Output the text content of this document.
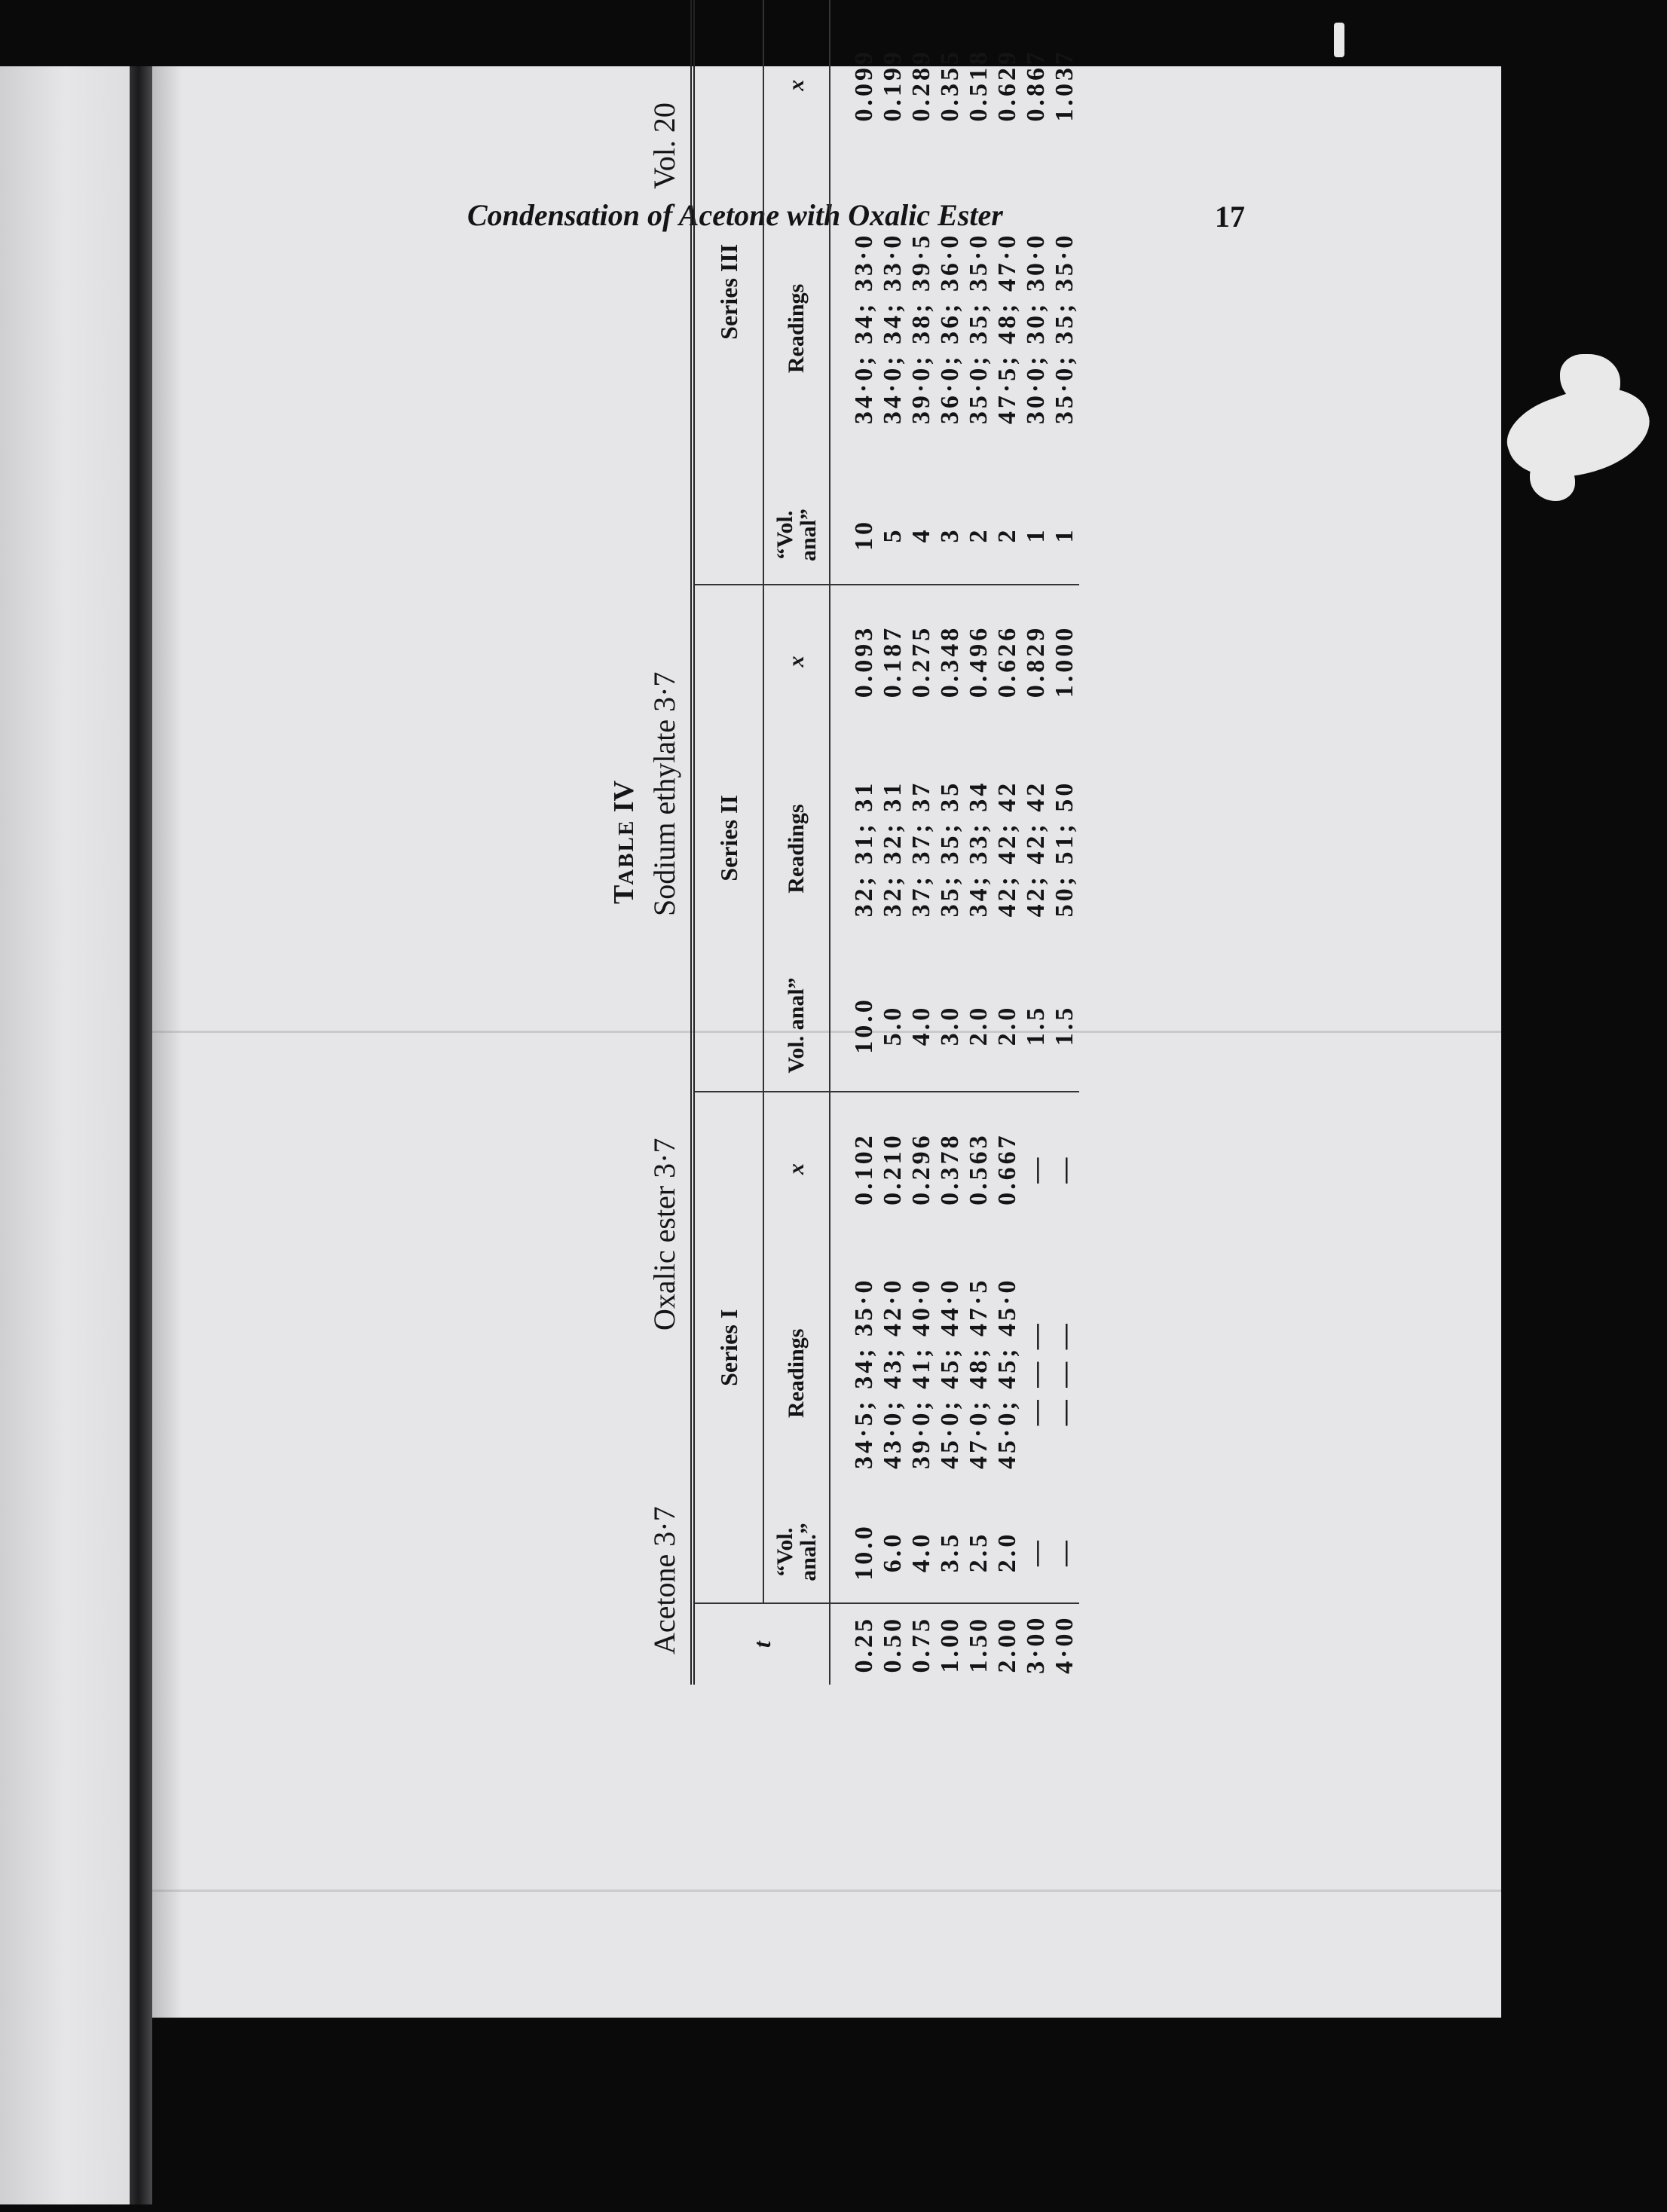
17
Condensation of Acetone with Oxalic Ester
TABLE IV
Acetone 3·7
Oxalic ester 3·7
Sodium ethylate 3·7
Vol. 20
t	Series I			Series II			Series III		
	“Vol. anal.”	Readings	x	Vol. anal”	Readings	x	“Vol. anal”	Readings	x
0.25	10.0	34·5; 34; 35·0	0.102	10.0	32; 31; 31	0.093	10	34·0; 34; 33·0	0.099
0.50	6.0	43·0; 43; 42·0	0.210	5.0	32; 32; 31	0.187	5	34·0; 34; 33·0	0.199
0.75	4.0	39·0; 41; 40·0	0.296	4.0	37; 37; 37	0.275	4	39·0; 38; 39·5	0.289
1.00	3.5	45·0; 45; 44·0	0.378	3.0	35; 35; 35	0.348	3	36·0; 36; 36·0	0.355
1.50	2.5	47·0; 48; 47·5	0.563	2.0	34; 33; 34	0.496	2	35·0; 35; 35·0	0.518
2.00	2.0	45·0; 45; 45·0	0.667	2.0	42; 42; 42	0.626	2	47·5; 48; 47·0	0.629
3·00	—	— — —	—	1.5	42; 42; 42	0.829	1	30·0; 30; 30·0	0.867
4·00	—	— — —	—	1.5	50; 51; 50	1.000	1	35·0; 35; 35·0	1.037
